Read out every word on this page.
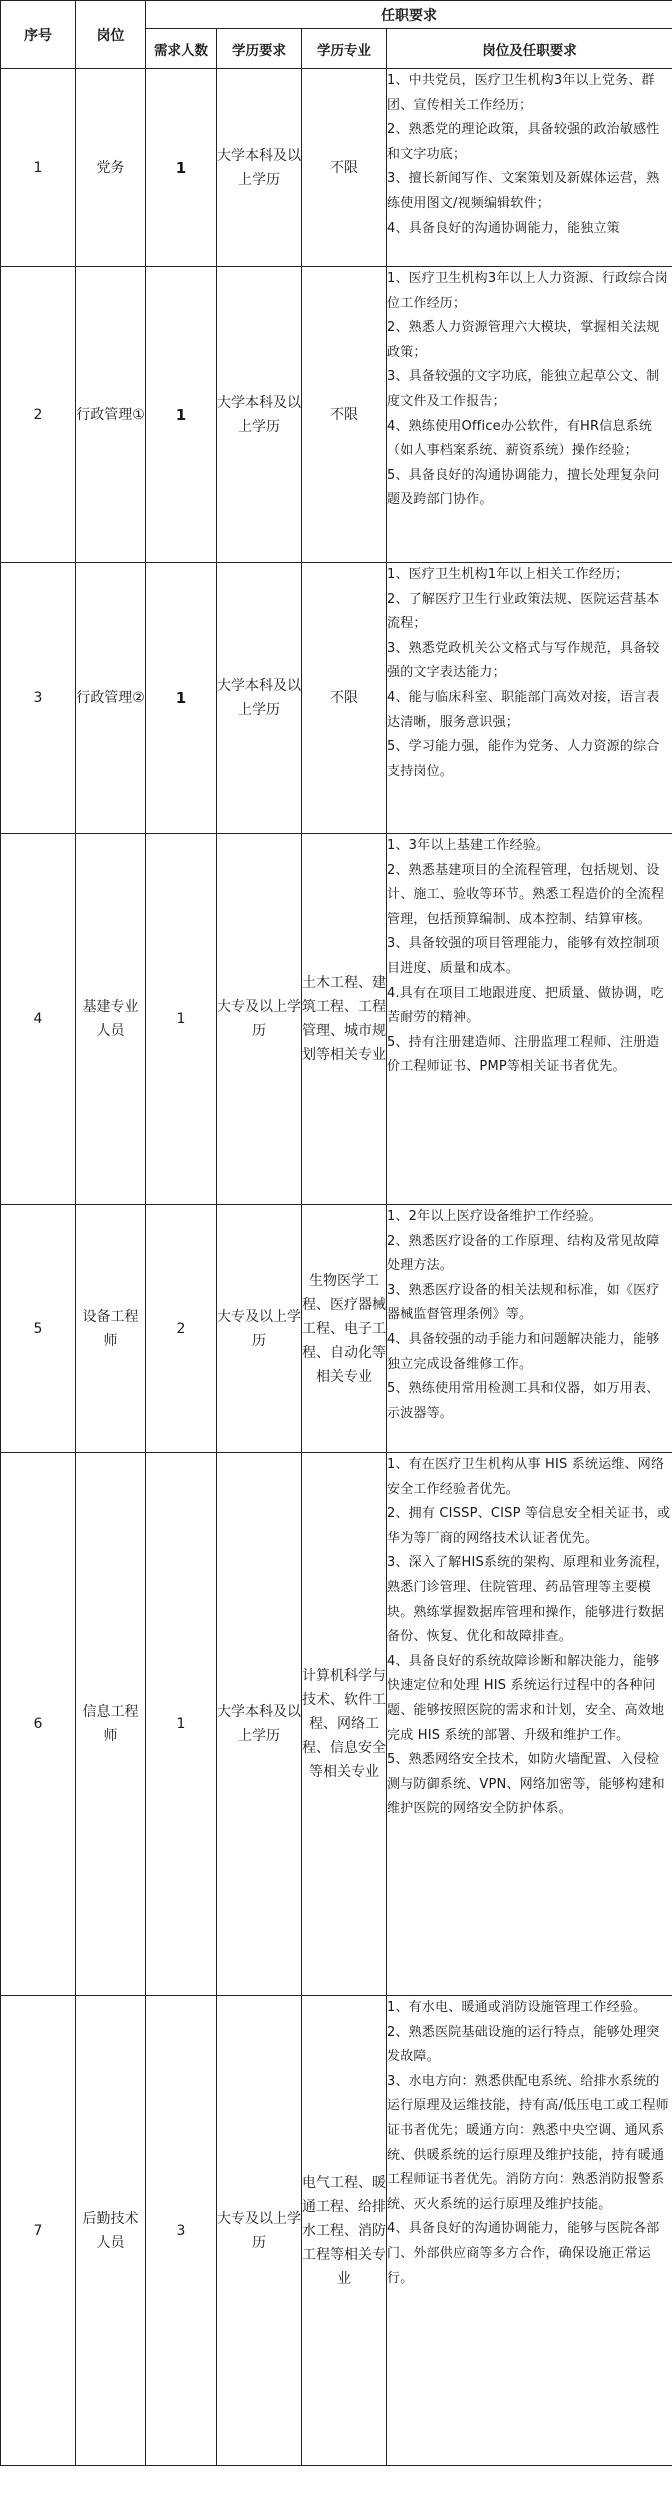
序号	岗位	任职要求			
		需求人数	学历要求	学历专业	岗位及任职要求
1	党务	1	大学本科及以上学历	不限	1、中共党员，医疗卫生机构3年以上党务、群团、宣传相关工作经历；

2、熟悉党的理论政策，具备较强的政治敏感性和文字功底；

3、擅长新闻写作、文案策划及新媒体运营，熟练使用图文/视频编辑软件；

4、具备良好的沟通协调能力，能独立策

2	行政管理①	1	大学本科及以上学历	不限	1、医疗卫生机构3年以上人力资源、行政综合岗位工作经历；

2、熟悉人力资源管理六大模块，掌握相关法规政策；

3、具备较强的文字功底，能独立起草公文、制度文件及工作报告；

4、熟练使用Office办公软件，有HR信息系统（如人事档案系统、薪资系统）操作经验；

5、具备良好的沟通协调能力，擅长处理复杂问题及跨部门协作。

3	行政管理②	1	大学本科及以上学历	不限	1、医疗卫生机构1年以上相关工作经历；

2、了解医疗卫生行业政策法规、医院运营基本流程；

3、熟悉党政机关公文格式与写作规范，具备较强的文字表达能力；

4、能与临床科室、职能部门高效对接，语言表达清晰，服务意识强；

5、学习能力强，能作为党务、人力资源的综合支持岗位。

4	基建专业人员	1	大专及以上学历	土木工程、建筑工程、工程管理、城市规划等相关专业	1、3年以上基建工作经验。

2、熟悉基建项目的全流程管理，包括规划、设计、施工、验收等环节。熟悉工程造价的全流程管理，包括预算编制、成本控制、结算审核。

3、具备较强的项目管理能力，能够有效控制项目进度、质量和成本。

4.具有在项目工地跟进度、把质量、做协调，吃苦耐劳的精神。

5、持有注册建造师、注册监理工程师、注册造价工程师证书、PMP等相关证书者优先。

5	设备工程师	2	大专及以上学历	生物医学工程、医疗器械工程、电子工程、自动化等相关专业	1、2年以上医疗设备维护工作经验。

2、熟悉医疗设备的工作原理、结构及常见故障处理方法。

3、熟悉医疗设备的相关法规和标准，如《医疗器械监督管理条例》等。

4、具备较强的动手能力和问题解决能力，能够独立完成设备维修工作。

5、熟练使用常用检测工具和仪器，如万用表、示波器等。

6	信息工程师	1	大学本科及以上学历	计算机科学与技术、软件工程、网络工程、信息安全等相关专业	1、有在医疗卫生机构从事 HIS 系统运维、网络安全工作经验者优先。

2、拥有 CISSP、CISP 等信息安全相关证书，或华为等厂商的网络技术认证者优先。

3、深入了解HIS系统的架构、原理和业务流程，熟悉门诊管理、住院管理、药品管理等主要模块。熟练掌握数据库管理和操作，能够进行数据备份、恢复、优化和故障排查。

4、具备良好的系统故障诊断和解决能力，能够快速定位和处理 HIS 系统运行过程中的各种问题、能够按照医院的需求和计划，安全、高效地完成 HIS 系统的部署、升级和维护工作。

5、熟悉网络安全技术，如防火墙配置、入侵检测与防御系统、VPN、网络加密等，能够构建和维护医院的网络安全防护体系。

7	后勤技术人员	3	大专及以上学历	电气工程、暖通工程、给排水工程、消防工程等相关专业	1、有水电、暖通或消防设施管理工作经验。

2、熟悉医院基础设施的运行特点，能够处理突发故障。

3、水电方向：熟悉供配电系统、给排水系统的运行原理及运维技能，持有高/低压电工或工程师证书者优先；暖通方向：熟悉中央空调、通风系统、供暖系统的运行原理及维护技能，持有暖通工程师证书者优先。消防方向：熟悉消防报警系统、灭火系统的运行原理及维护技能。

4、具备良好的沟通协调能力，能够与医院各部门、外部供应商等多方合作，确保设施正常运行。
